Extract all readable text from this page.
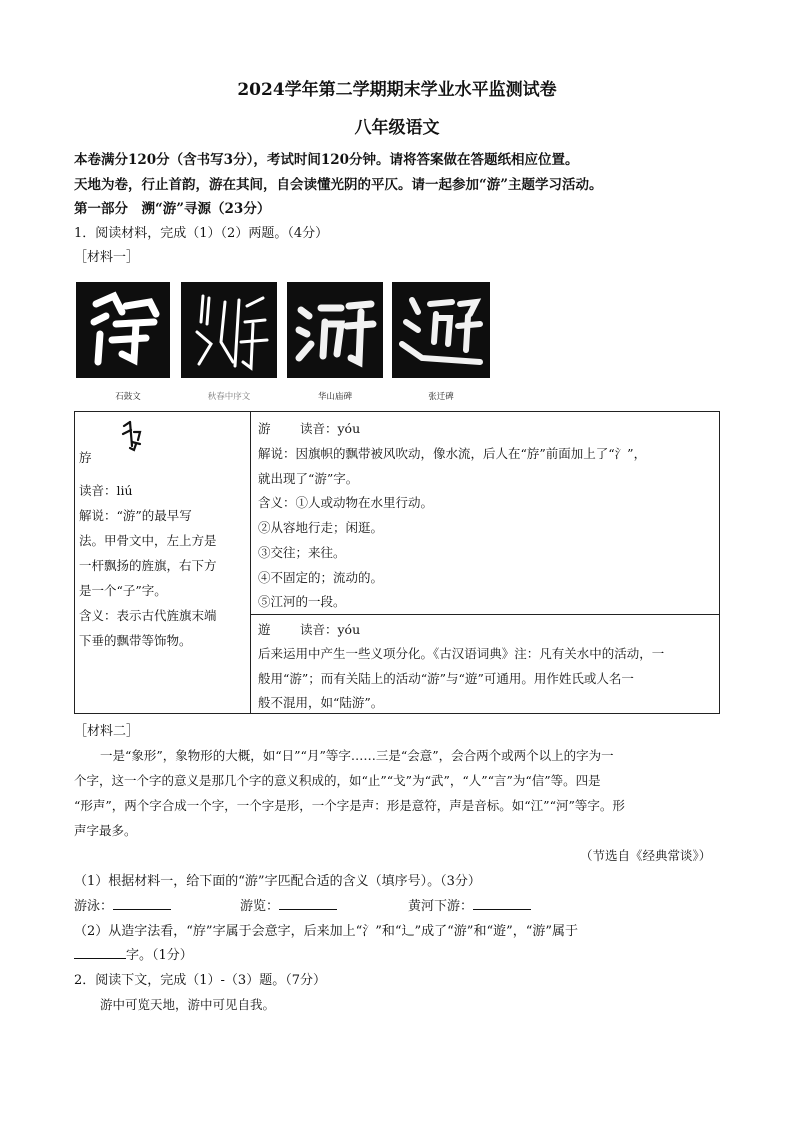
2024学年第二学期期末学业水平监测试卷
八年级语文
本卷满分120分（含书写3分），考试时间120分钟。请将答案做在答题纸相应位置。
天地为卷，行止首韵，游在其间，自会读懂光阴的平仄。请一起参加“游”主题学习活动。
第一部分　溯“游”寻源（23分）
1．阅读材料，完成（1）（2）两题。（4分）
［材料一］
石鼓文	秋春中序文	华山庙碑	张迁碑
斿
读音：liú
解说：“游”的最早写
法。甲骨文中，左上方是
一杆飘扬的旌旗，右下方
是一个“子”字。
含义：表示古代旌旗末端
下垂的飘带等饰物。
游 读音：yóu
解说：因旗帜的飘带被风吹动，像水流，后人在“斿”前面加上了“氵”，
就出现了“游”字。
含义：①人或动物在水里行动。
②从容地行走；闲逛。
③交往；来往。
④不固定的；流动的。
⑤江河的一段。
遊 读音：yóu
后来运用中产生一些义项分化。《古汉语词典》注：凡有关水中的活动，一
般用“游”；而有关陆上的活动“游”与“遊”可通用。用作姓氏或人名一
般不混用，如“陆游”。
［材料二］
一是“象形”，象物形的大概，如“日”“月”等字……三是“会意”，会合两个或两个以上的字为一
个字，这一个字的意义是那几个字的意义积成的，如“止”“戈”为“武”，“人”“言”为“信”等。四是
“形声”，两个字合成一个字，一个字是形，一个字是声：形是意符，声是音标。如“江”“河”等字。形
声字最多。
（节选自《经典常谈》）
（1）根据材料一，给下面的“游”字匹配合适的含义（填序号）。（3分）
游泳：	游览：	黄河下游：
（2）从造字法看，“斿”字属于会意字，后来加上“氵”和“辶”成了“游”和“遊”，“游”属于
字。（1分）
2．阅读下文，完成（1）-（3）题。（7分）
游中可览天地，游中可见自我。
